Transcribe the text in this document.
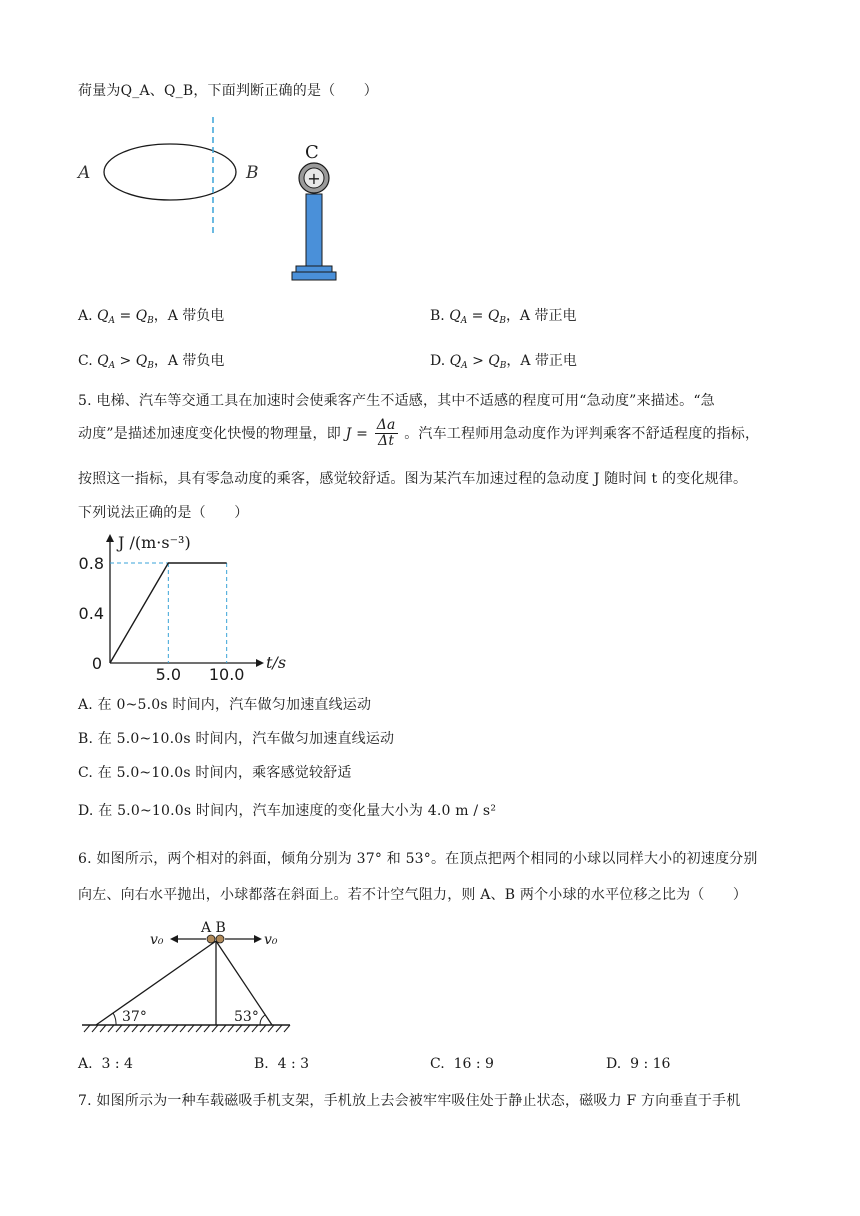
荷量为Q_A、Q_B，下面判断正确的是（　　）
A	B
C
+
A. $Q_A = Q_B$，A 带负电	B. $Q_A = Q_B$，A 带正电
C. $Q_A > Q_B$，A 带负电	D. $Q_A > Q_B$，A 带正电
5. 电梯、汽车等交通工具在加速时会使乘客产生不适感，其中不适感的程度可用“急动度”来描述。“急
动度”是描述加速度变化快慢的物理量，即 $J = \frac{\Delta a}{\Delta t}$ 。汽车工程师用急动度作为评判乘客不舒适程度的指标，
按照这一指标，具有零急动度的乘客，感觉较舒适。图为某汽车加速过程的急动度 J 随时间 t 的变化规律。
下列说法正确的是（　　）
0
0.4
0.8
5.0 10.0
t/s
J /(m·s⁻³)
A. 在 0~5.0s 时间内，汽车做匀加速直线运动
B. 在 5.0~10.0s 时间内，汽车做匀加速直线运动
C. 在 5.0~10.0s 时间内，乘客感觉较舒适
D. 在 5.0~10.0s 时间内，汽车加速度的变化量大小为 4.0 m / s²
6. 如图所示，两个相对的斜面，倾角分别为 37° 和 53°。在顶点把两个相同的小球以同样大小的初速度分别
向左、向右水平抛出，小球都落在斜面上。若不计空气阻力，则 A、B 两个小球的水平位移之比为（　　）
37°	53°
A B
v₀	v₀
A. 3 : 4	B. 4 : 3	C. 16 : 9	D. 9 : 16
7. 如图所示为一种车载磁吸手机支架，手机放上去会被牢牢吸住处于静止状态，磁吸力 F 方向垂直于手机
